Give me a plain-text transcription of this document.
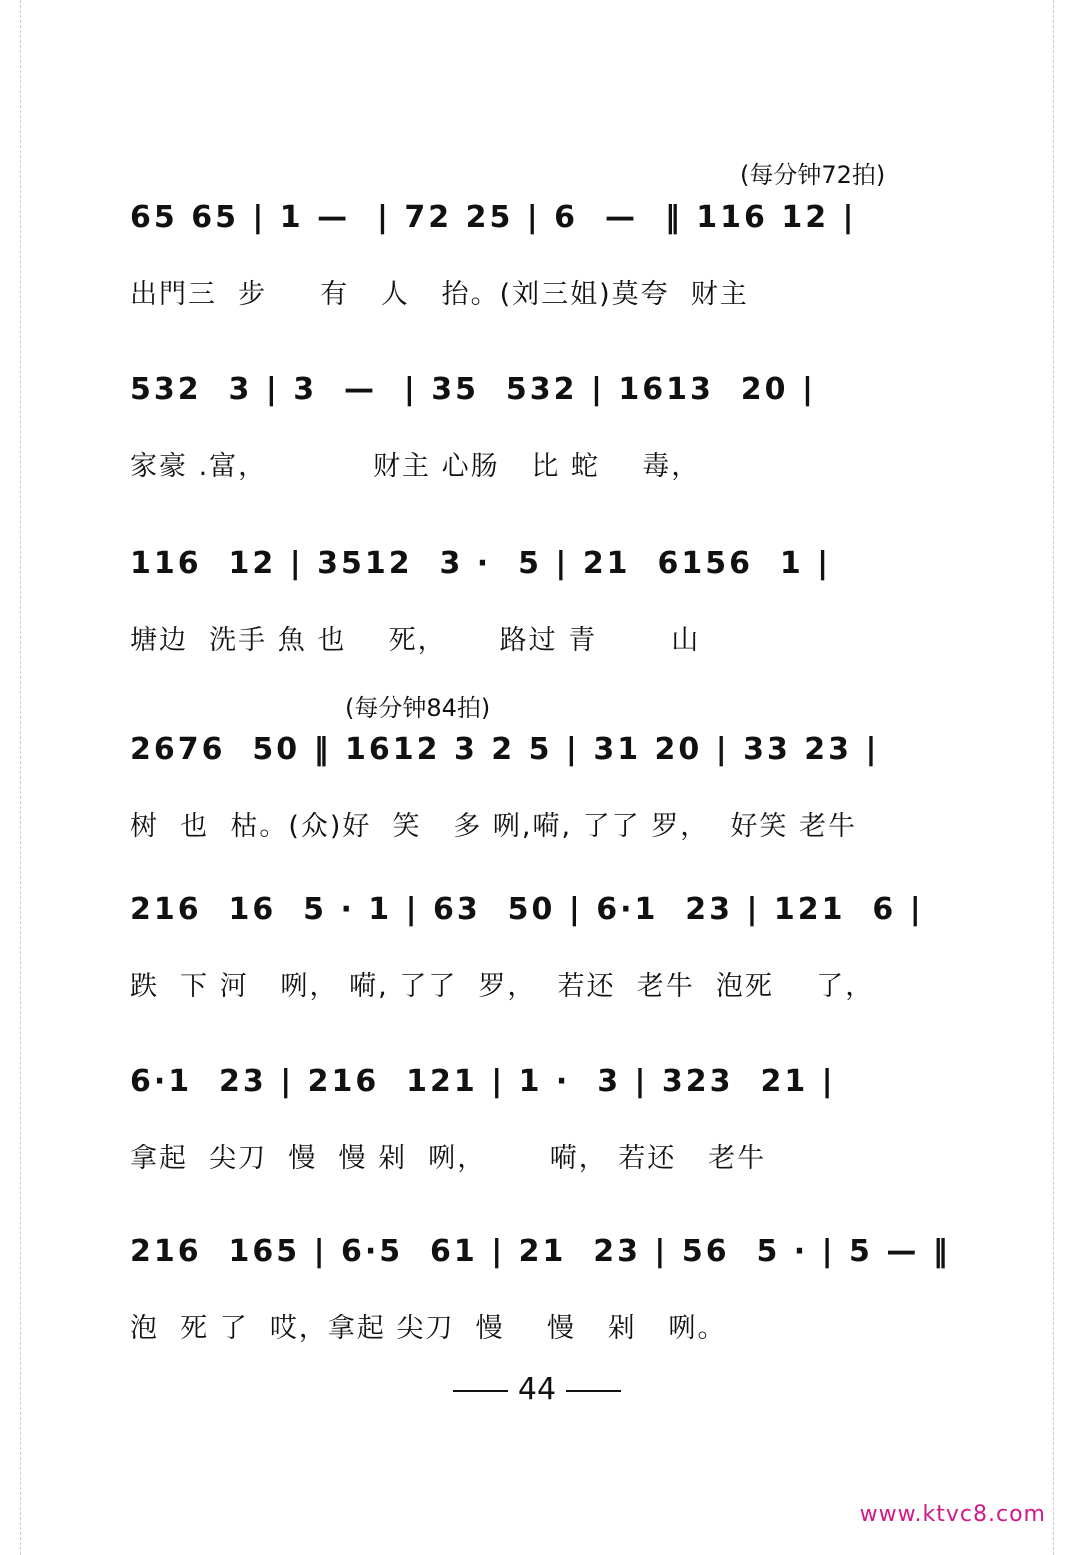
(每分钟72拍)
65 65 | 1 —  | 72 25 | 6  —  ‖ 116 12 |
出門三  步     有   人   抬。(刘三姐)莫夸  财主
532  3 | 3  —  | 35  532 | 1613  20 |
家豪 .富，          财主 心肠   比 蛇    毒，
116  12 | 3512  3 ·  5 | 21  6156  1 |
塘边  洗手 魚 也    死，     路过 青       山
(每分钟84拍)
2676  50 ‖ 1612 3 2 5 | 31 20 | 33 23 |
树  也  枯。(众)好  笑   多 咧,嗬, 了了 罗，  好笑 老牛
216  16  5 · 1 | 63  50 | 6·1  23 | 121  6 |
跌  下 河   咧， 嗬, 了了  罗，  若还  老牛  泡死    了，
6·1  23 | 216  121 | 1 ·  3 | 323  21 |
拿起  尖刀  慢  慢 剁  咧，      嗬， 若还   老牛
216  165 | 6·5  61 | 21  23 | 56  5 · | 5 — ‖
泡  死 了  哎，拿起 尖刀  慢    慢   剁   咧。
44
www.ktvc8.com
